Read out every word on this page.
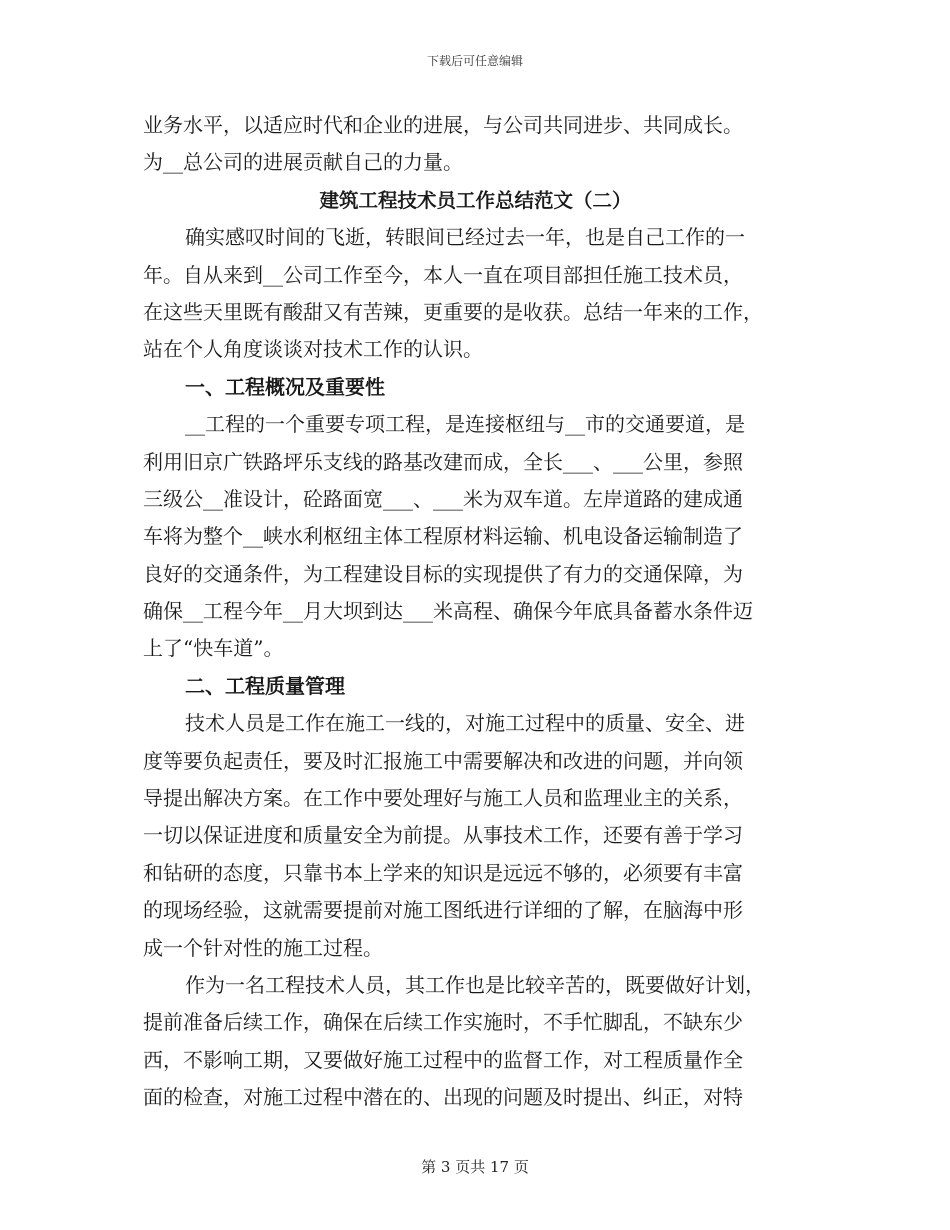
下载后可任意编辑
业务水平，以适应时代和企业的进展，与公司共同进步、共同成长。
为__总公司的进展贡献自己的力量。
建筑工程技术员工作总结范文（二）
确实感叹时间的飞逝，转眼间已经过去一年，也是自己工作的一
年。自从来到__公司工作至今，本人一直在项目部担任施工技术员，
在这些天里既有酸甜又有苦辣，更重要的是收获。总结一年来的工作，
站在个人角度谈谈对技术工作的认识。
一、工程概况及重要性
__工程的一个重要专项工程，是连接枢纽与__市的交通要道，是
利用旧京广铁路坪乐支线的路基改建而成，全长___、___公里，参照
三级公__准设计，砼路面宽___、___米为双车道。左岸道路的建成通
车将为整个__峡水利枢纽主体工程原材料运输、机电设备运输制造了
良好的交通条件，为工程建设目标的实现提供了有力的交通保障，为
确保__工程今年__月大坝到达___米高程、确保今年底具备蓄水条件迈
上了“快车道”。
二、工程质量管理
技术人员是工作在施工一线的，对施工过程中的质量、安全、进
度等要负起责任，要及时汇报施工中需要解决和改进的问题，并向领
导提出解决方案。在工作中要处理好与施工人员和监理业主的关系，
一切以保证进度和质量安全为前提。从事技术工作，还要有善于学习
和钻研的态度，只靠书本上学来的知识是远远不够的，必须要有丰富
的现场经验，这就需要提前对施工图纸进行详细的了解，在脑海中形
成一个针对性的施工过程。
作为一名工程技术人员，其工作也是比较辛苦的，既要做好计划，
提前准备后续工作，确保在后续工作实施时，不手忙脚乱，不缺东少
西，不影响工期，又要做好施工过程中的监督工作，对工程质量作全
面的检查，对施工过程中潜在的、出现的问题及时提出、纠正，对特
第 3 页共 17 页
